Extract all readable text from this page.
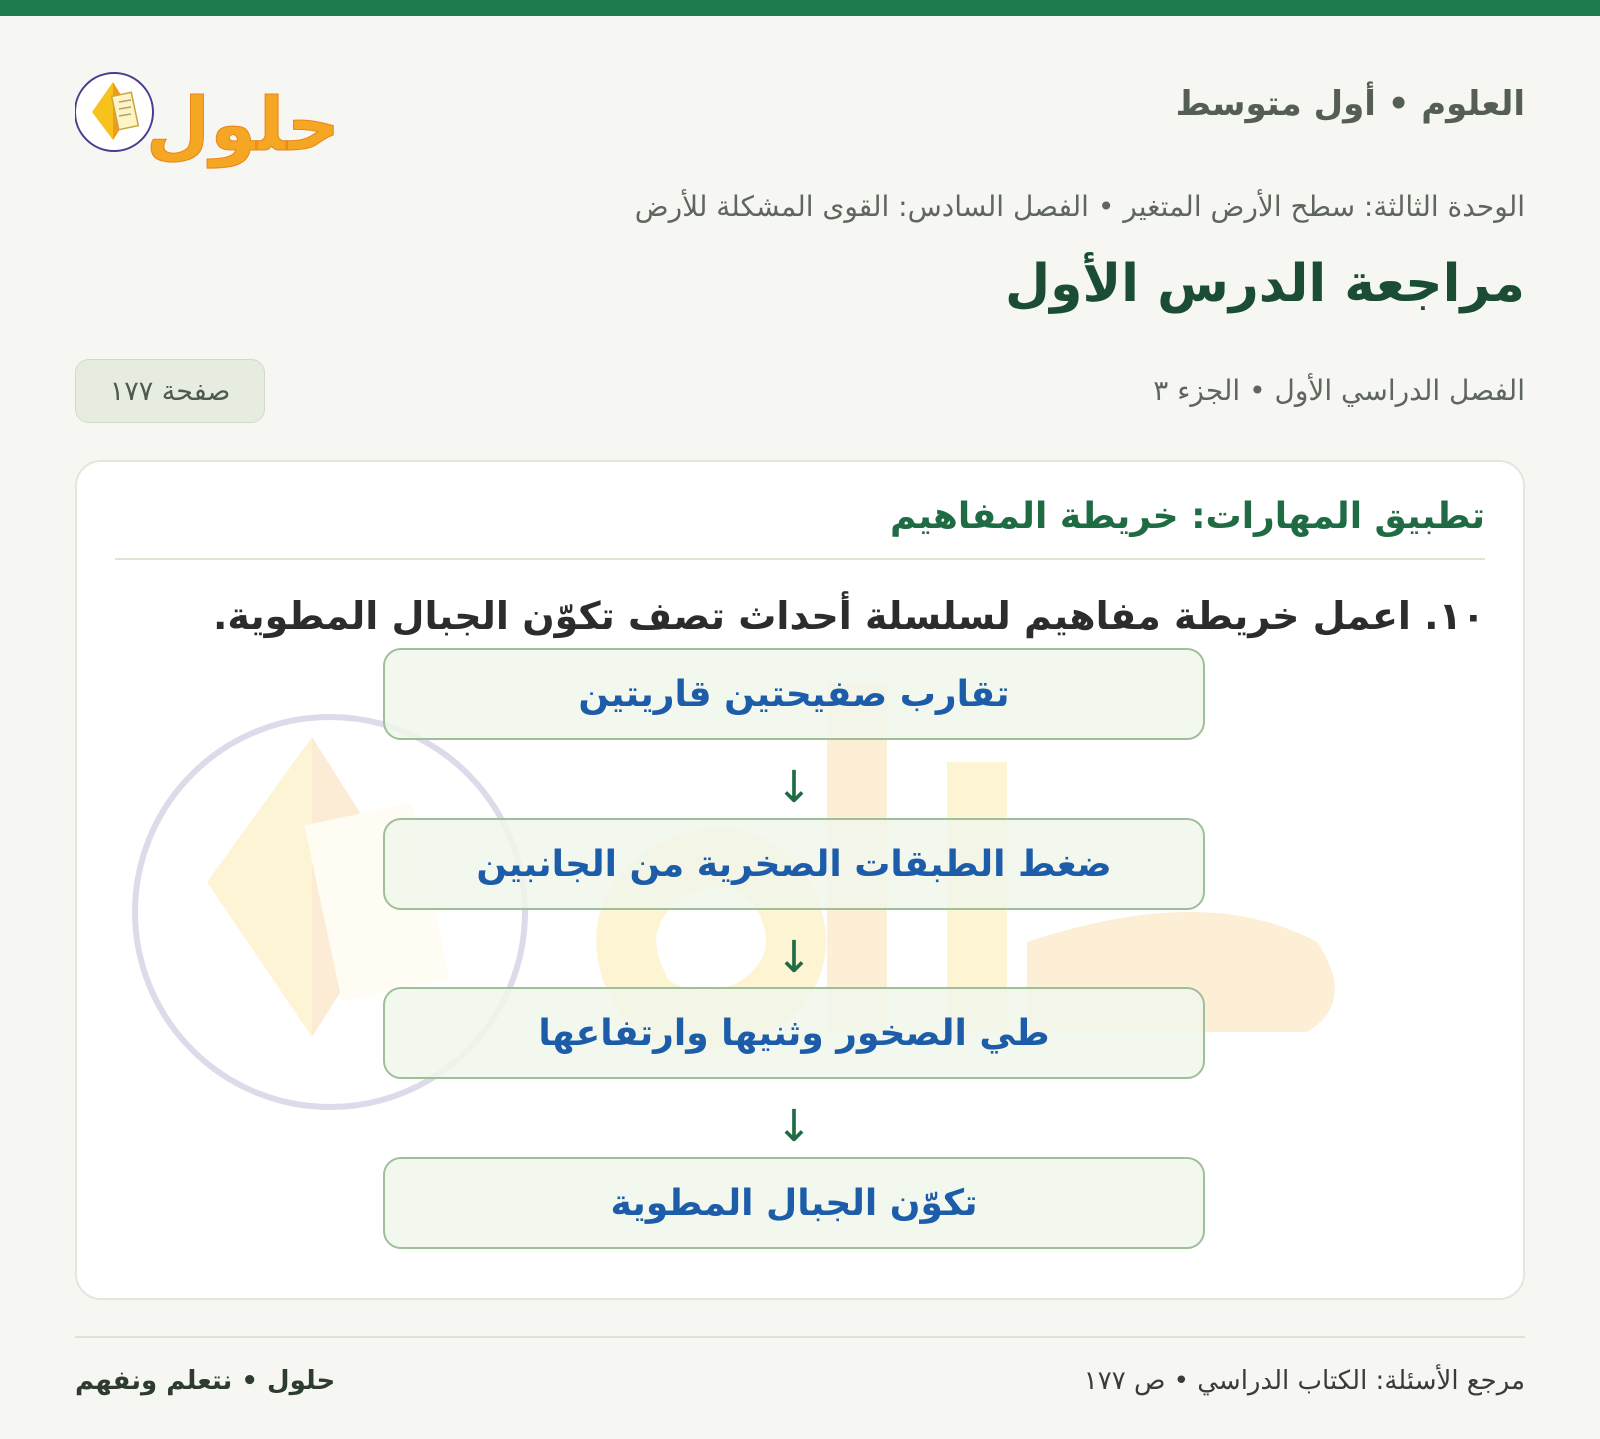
العلوم • أول متوسط
حلول
الوحدة الثالثة: سطح الأرض المتغير • الفصل السادس: القوى المشكلة للأرض
مراجعة الدرس الأول
الفصل الدراسي الأول • الجزء ٣
صفحة ١٧٧
تطبيق المهارات: خريطة المفاهيم
١٠. اعمل خريطة مفاهيم لسلسلة أحداث تصف تكوّن الجبال المطوية.
تقارب صفيحتين قاريتين
↓
ضغط الطبقات الصخرية من الجانبين
↓
طي الصخور وثنيها وارتفاعها
↓
تكوّن الجبال المطوية
مرجع الأسئلة: الكتاب الدراسي • ص ١٧٧
حلول • نتعلم ونفهم
